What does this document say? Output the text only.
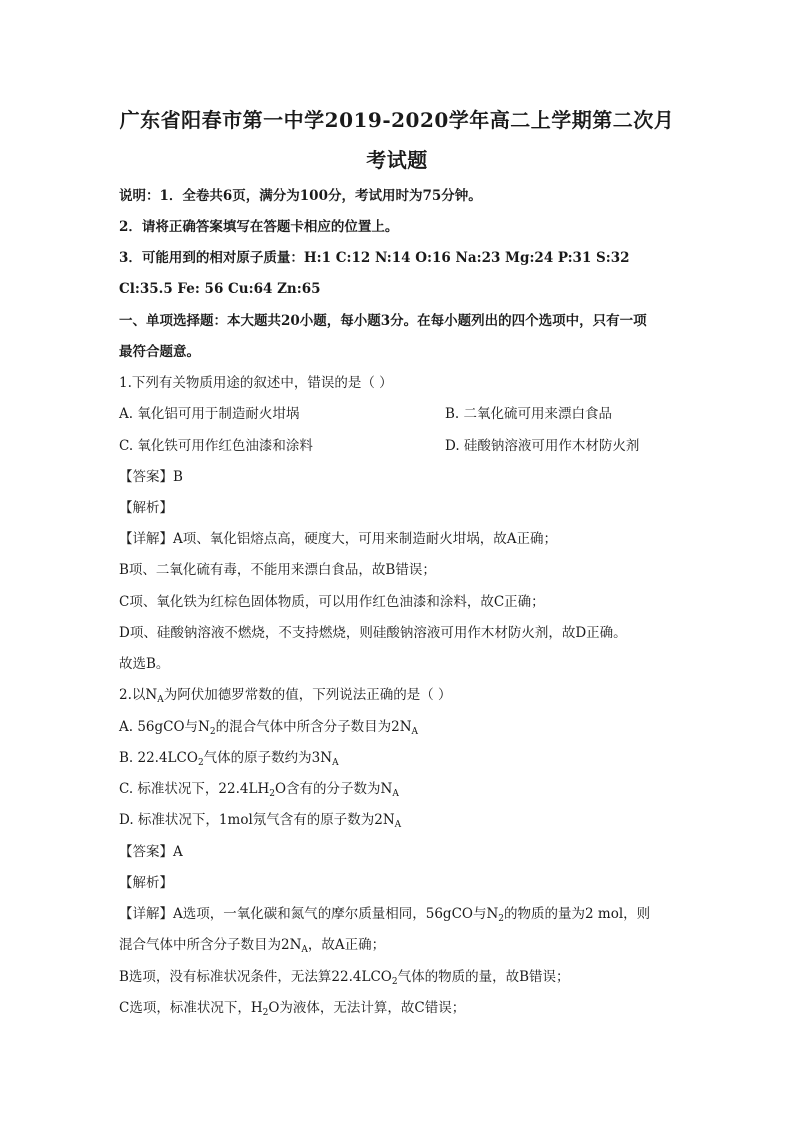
广东省阳春市第一中学2019-2020学年高二上学期第二次月
考试题
说明：1．全卷共6页，满分为100分，考试用时为75分钟。
2．请将正确答案填写在答题卡相应的位置上。
3．可能用到的相对原子质量：H:1 C:12 N:14 O:16 Na:23 Mg:24 P:31 S:32
Cl:35.5 Fe: 56 Cu:64 Zn:65
一、单项选择题：本大题共20小题，每小题3分。在每小题列出的四个选项中，只有一项
最符合题意。
1.下列有关物质用途的叙述中，错误的是（ ）
A. 氧化铝可用于制造耐火坩埚	B. 二氧化硫可用来漂白食品
C. 氧化铁可用作红色油漆和涂料	D. 硅酸钠溶液可用作木材防火剂
【答案】B
【解析】
【详解】A项、氧化铝熔点高，硬度大，可用来制造耐火坩埚，故A正确；
B项、二氧化硫有毒，不能用来漂白食品，故B错误；
C项、氧化铁为红棕色固体物质，可以用作红色油漆和涂料，故C正确；
D项、硅酸钠溶液不燃烧，不支持燃烧，则硅酸钠溶液可用作木材防火剂，故D正确。
故选B。
2.以$N_A$为阿伏加德罗常数的值，下列说法正确的是（ ）
A. 56gCO与$N_2$的混合气体中所含分子数目为$2N_A$
B. $22.4LCO_2$气体的原子数约为$3N_A$
C. 标准状况下，$22.4LH_2O$含有的分子数为$N_A$
D. 标准状况下，1mol氖气含有的原子数为$2N_A$
【答案】A
【解析】
【详解】A选项，一氧化碳和氮气的摩尔质量相同，56gCO与$N_2$的物质的量为2 mol，则
混合气体中所含分子数目为$2N_A$，故A正确；
B选项，没有标准状况条件，无法算$22.4LCO_2$气体的物质的量，故B错误；
C选项，标准状况下，$H_2O$为液体，无法计算，故C错误；
